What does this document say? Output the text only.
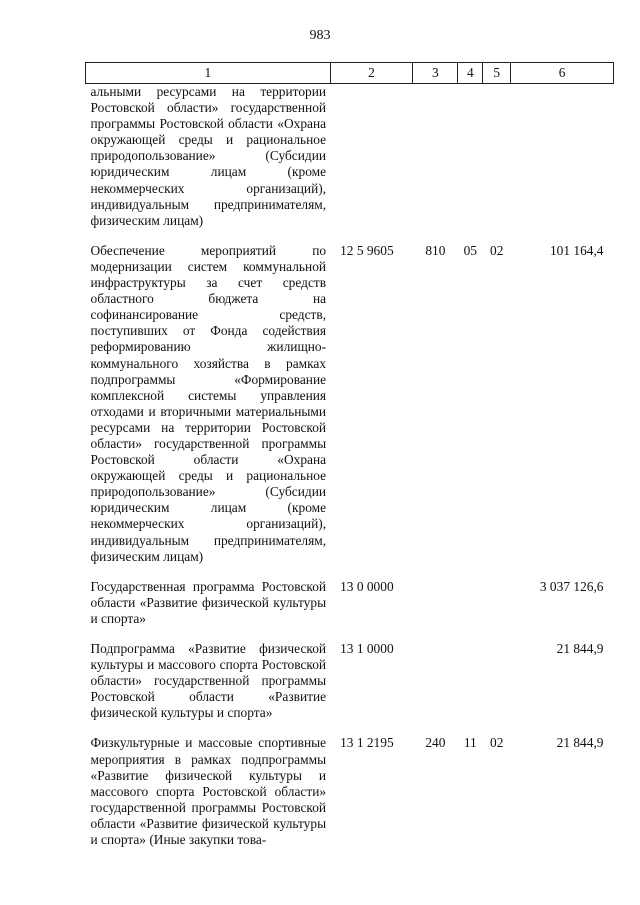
983
1	2	3	4	5	6
альными ресурсами на территории Ростовской области» государственной программы Ростовской области «Охрана окружающей среды и рациональное природопользование» (Субсидии юридическим лицам (кроме некоммерческих организаций), индивидуальным предпринимателям, физическим лицам)					
Обеспечение мероприятий по модернизации систем коммунальной инфраструктуры за счет средств областного бюджета на софинансирование средств, поступивших от Фонда содействия реформированию жилищно-коммунального хозяйства в рамках подпрограммы «Формирование комплексной системы управления отходами и вторичными материальными ресурсами на территории Ростовской области» государственной программы Ростовской области «Охрана окружающей среды и рациональное природопользование» (Субсидии юридическим лицам (кроме некоммерческих организаций), индивидуальным предпринимателям, физическим лицам)	12 5 9605	810	05	02	101 164,4
Государственная программа Ростовской области «Развитие физической культуры и спорта»	13 0 0000				3 037 126,6
Подпрограмма «Развитие физической культуры и массового спорта Ростовской области» государственной программы Ростовской области «Развитие физической культуры и спорта»	13 1 0000				21 844,9
Физкультурные и массовые спортивные мероприятия в рамках подпрограммы «Развитие физической культуры и массового спорта Ростовской области» государственной программы Ростовской области «Развитие физической культуры и спорта» (Иные закупки това-	13 1 2195	240	11	02	21 844,9
